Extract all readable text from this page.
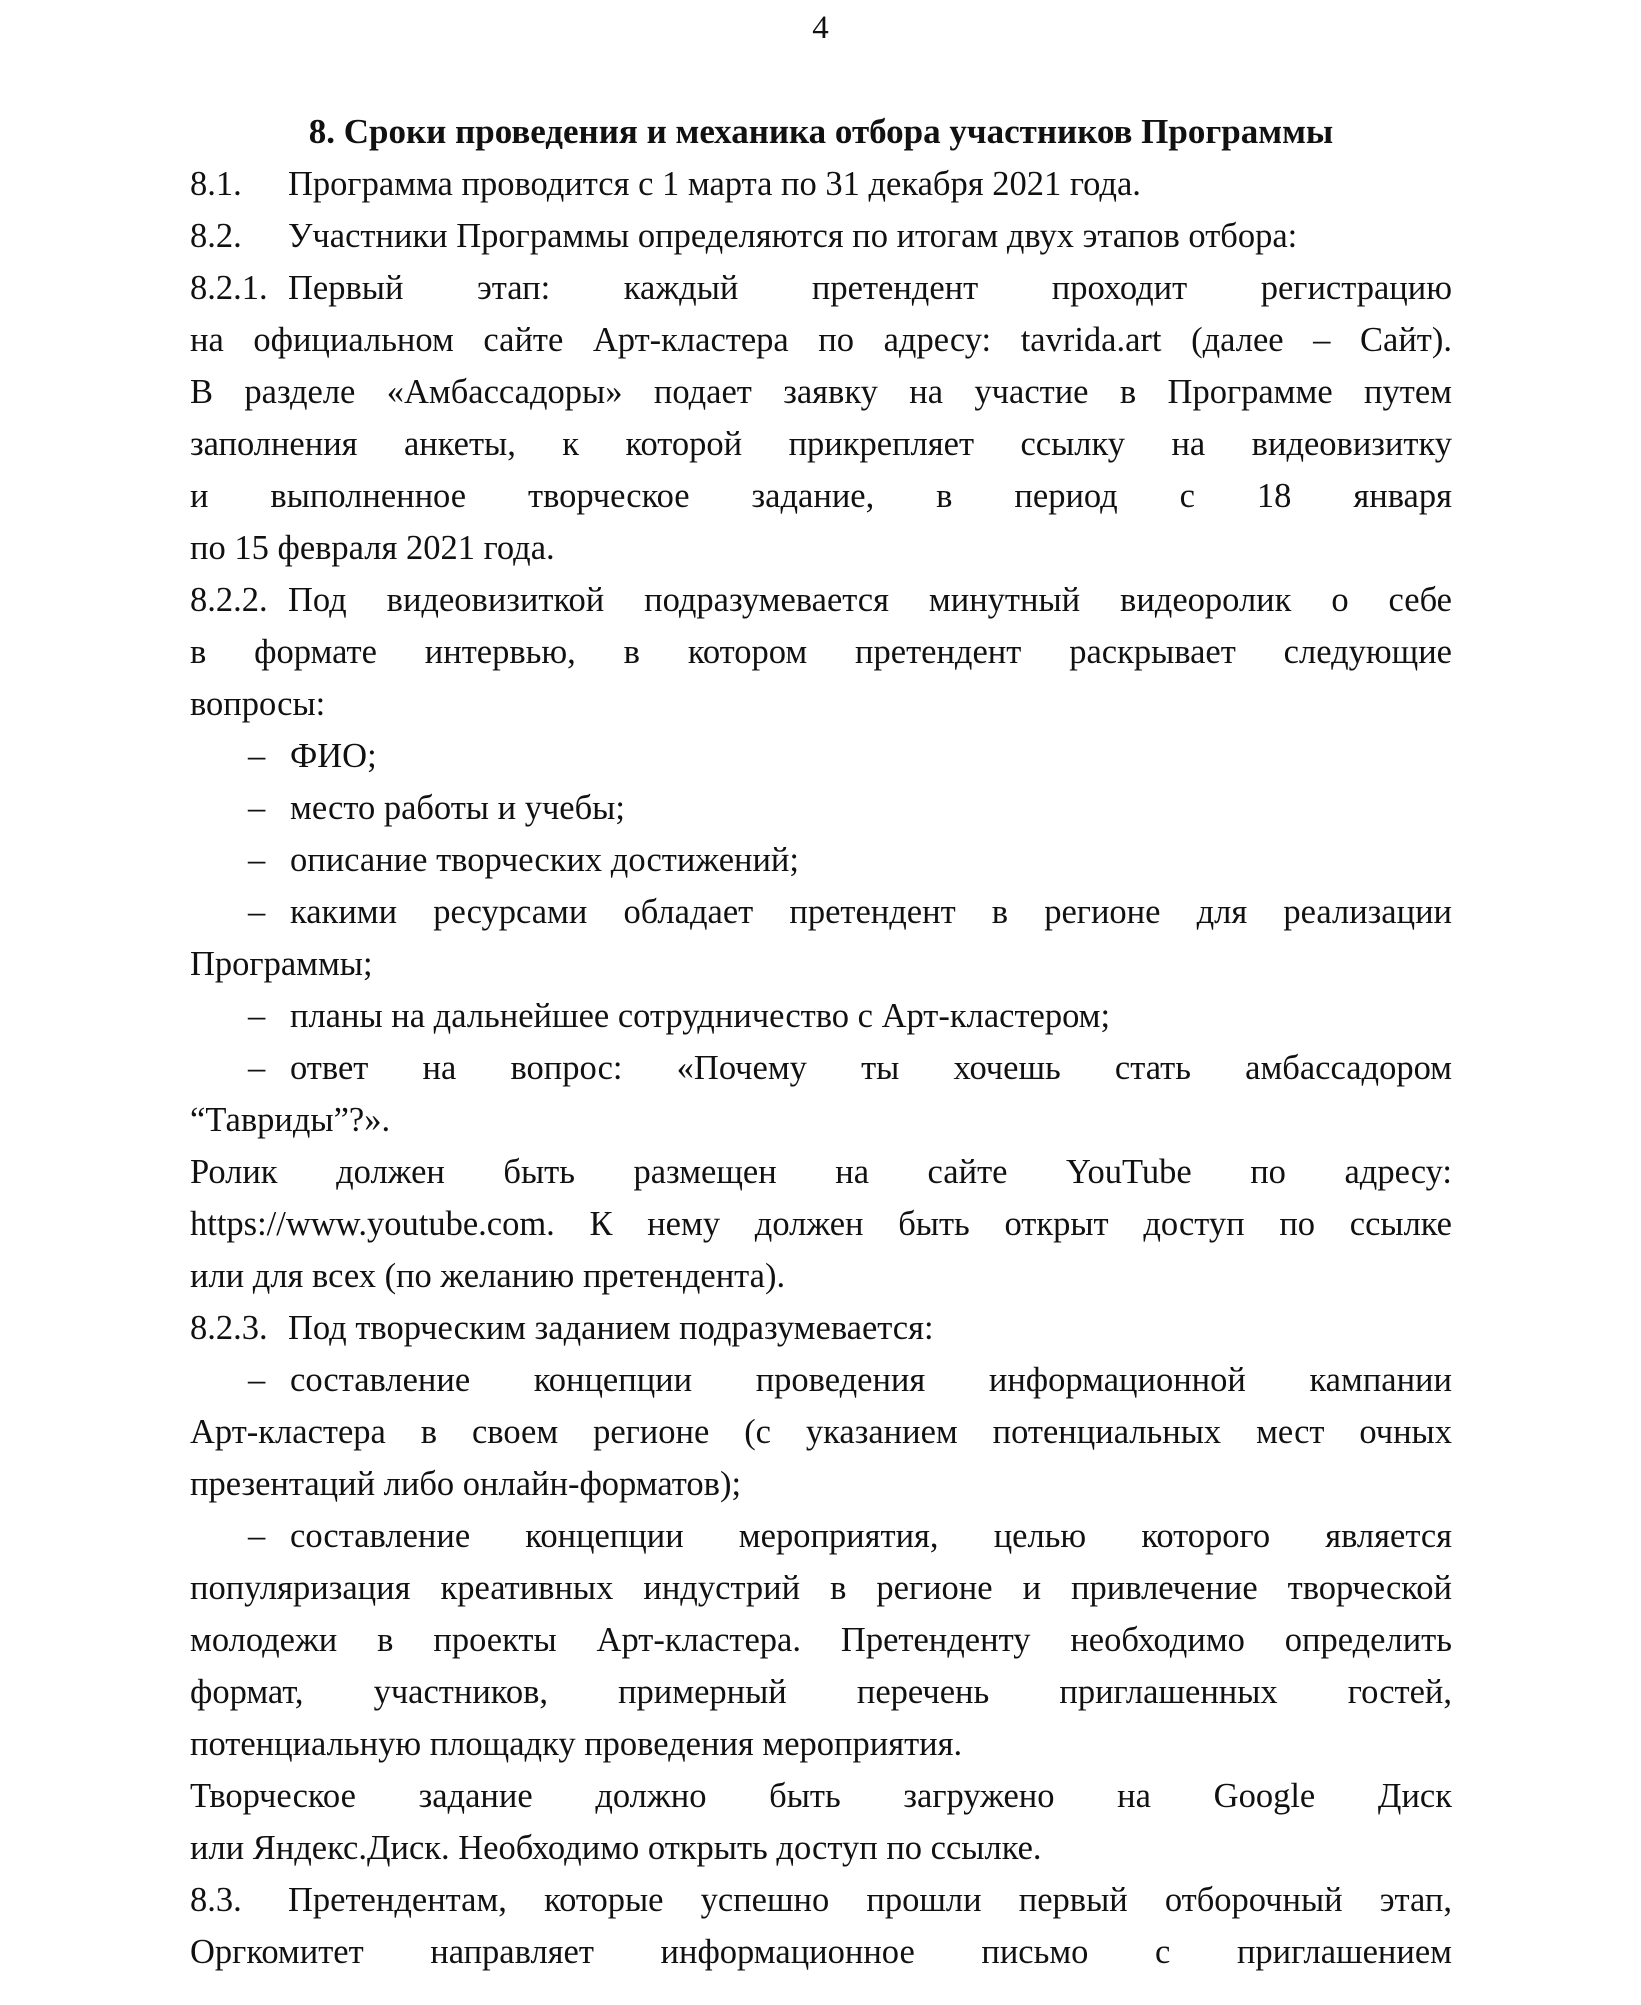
4
8. Сроки проведения и механика отбора участников Программы
8.1. Программа проводится с 1 марта по 31 декабря 2021 года.
8.2. Участники Программы определяются по итогам двух этапов отбора:
8.2.1. Первый этап: каждый претендент проходит регистрацию
на официальном сайте Арт-кластера по адресу: tavrida.art (далее – Сайт).
В разделе «Амбассадоры» подает заявку на участие в Программе путем
заполнения анкеты, к которой прикрепляет ссылку на видеовизитку
и выполненное творческое задание, в период с 18 января
по 15 февраля 2021 года.
8.2.2. Под видеовизиткой подразумевается минутный видеоролик о себе
в формате интервью, в котором претендент раскрывает следующие
вопросы:
– ФИО;
– место работы и учебы;
– описание творческих достижений;
– какими ресурсами обладает претендент в регионе для реализации
Программы;
– планы на дальнейшее сотрудничество с Арт-кластером;
– ответ на вопрос: «Почему ты хочешь стать амбассадором
“Тавриды”?».
Ролик должен быть размещен на сайте YouTube по адресу:
https://www.youtube.com. К нему должен быть открыт доступ по ссылке
или для всех (по желанию претендента).
8.2.3. Под творческим заданием подразумевается:
– составление концепции проведения информационной кампании
Арт-кластера в своем регионе (с указанием потенциальных мест очных
презентаций либо онлайн-форматов);
– составление концепции мероприятия, целью которого является
популяризация креативных индустрий в регионе и привлечение творческой
молодежи в проекты Арт-кластера. Претенденту необходимо определить
формат, участников, примерный перечень приглашенных гостей,
потенциальную площадку проведения мероприятия.
Творческое задание должно быть загружено на Google Диск
или Яндекс.Диск. Необходимо открыть доступ по ссылке.
8.3. Претендентам, которые успешно прошли первый отборочный этап,
Оргкомитет направляет информационное письмо с приглашением
